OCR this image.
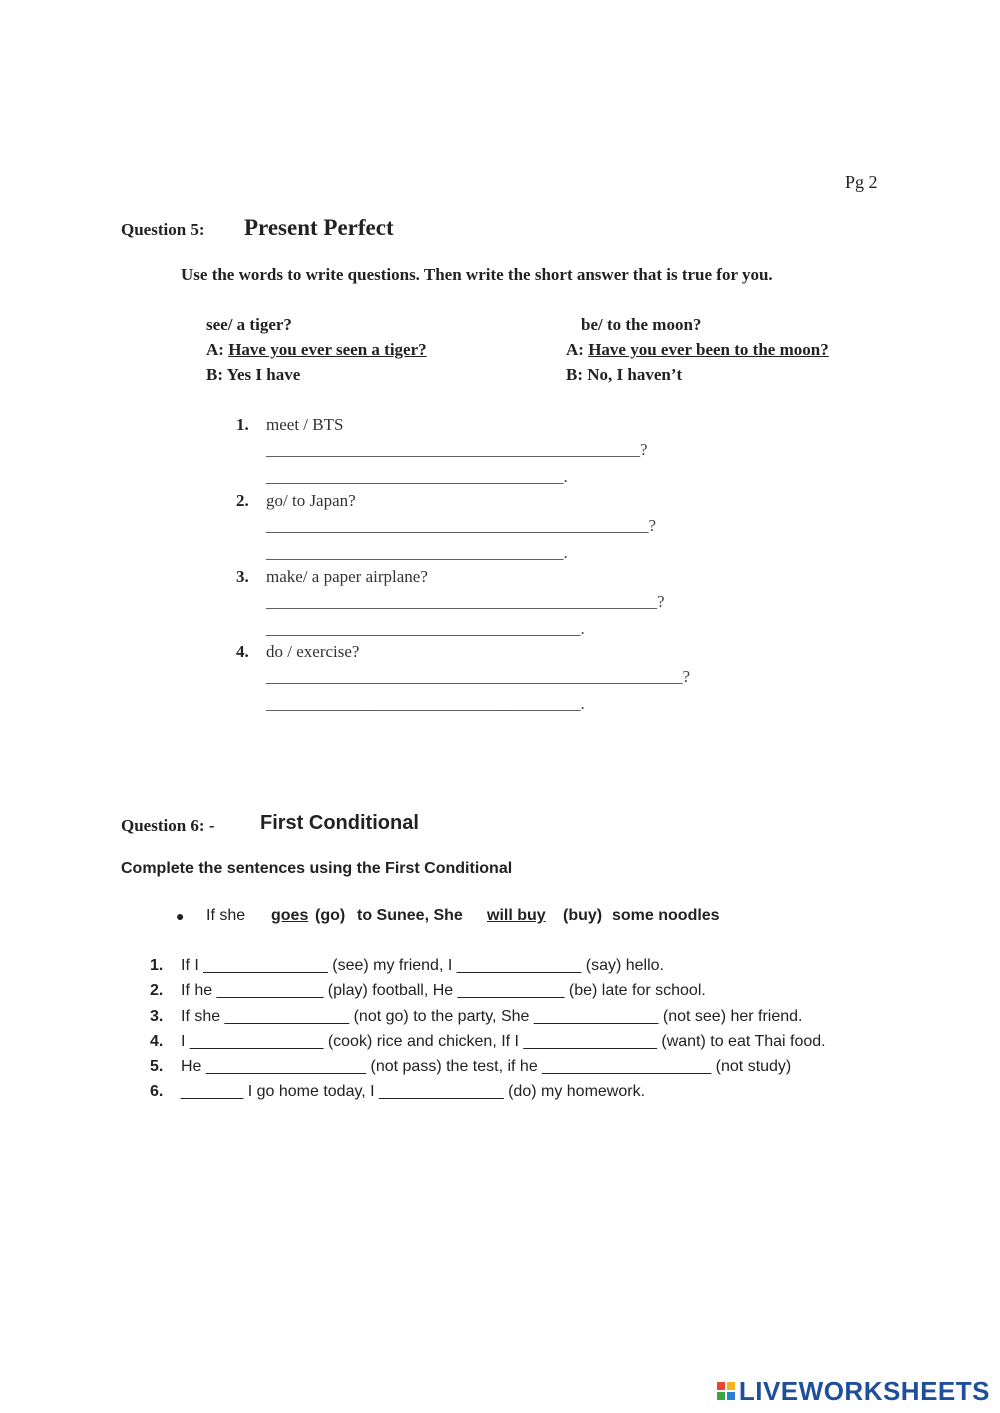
Pg 2
Question 5: Present Perfect
Use the words to write questions. Then write the short answer that is true for you.
see/ a tiger?
A: Have you ever seen a tiger?
B: Yes I have
be/ to the moon?
A: Have you ever been to the moon?
B: No, I haven’t
1.	meet / BTS
____________________________________________?
___________________________________.
2.	go/ to Japan?
_____________________________________________?
___________________________________.
3.	make/ a paper airplane?
______________________________________________?
_____________________________________.
4.	do / exercise?
_________________________________________________?
_____________________________________.
Question 6: - First Conditional
Complete the sentences using the First Conditional
● If she goes (go) to Sunee, She will buy (buy) some noodles
1. If I ______________ (see) my friend, I ______________ (say) hello.
2. If he ____________ (play) football, He ____________ (be) late for school.
3. If she ______________ (not go) to the party, She ______________ (not see) her friend.
4. I _______________ (cook) rice and chicken, If I _______________ (want) to eat Thai food.
5. He __________________ (not pass) the test, if he ___________________ (not study)
6. _______ I go home today, I ______________ (do) my homework.
LIVEWORKSHEETS
